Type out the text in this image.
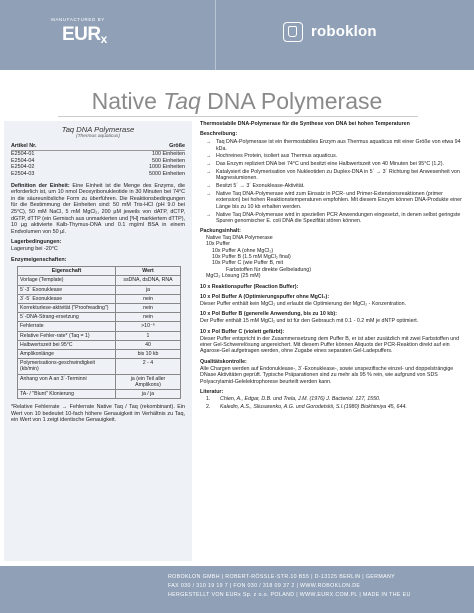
MANUFACTURED BY
EURx	roboklon
Native Taq DNA Polymerase
Taq DNA Polymerase
(Thermus aquaticus)
Artikel Nr.	Größe
E2504-01	100 Einheiten
E2504-04	500 Einheiten
E2504-02	1000 Einheiten
E2504-03	5000 Einheiten
Definition der Einheit: Eine Einheit ist die Menge des Enzyms, die erforderlich ist, um 10 nmol Deoxyribonukleotide in 30 Minuten bei 74°C in die säureunlösliche Form zu überführen. Die Reaktionsbedingungen für die Bestimmung der Einheiten sind: 50 mM Tris-HCl (pH 9.0 bei 25°C), 50 mM NaCl, 5 mM MgCl₂, 200 µM jeweils von dATP, dCTP, dGTP, dTTP (ein Gemisch aus unmarkierten und [³H] markiertem dTTP), 10 µg aktivierte Kalb-Thymus-DNA und 0.1 mg/ml BSA in einem Endvolumen von 50 µl.
Lagerbedingungen:
Lagerung bei -20°C
Enzymeigenschaften:
Eigenschaft	Wert
Vorlage (Template)	ssDNA, dsDNA, RNA
5´-3´ Exonuklease	ja
3´-5´ Exonuklease	nein
Korrekturlese-aktivität ("Proofreading")	nein
5´-DNA-Strang-ersetzung	nein
Fehlerrate	>10⁻⁶
Relative Fehler-rate* (Taq = 1)	1
Halbwertszeit bei 95°C	40
Amplikonlänge	bis 10 kb
Polymerisations-geschwindigkeit (kb/min)	2 - 4
Anhang von A an 3´-Terminni	ja (ein Teil aller Amplikons)
TA- / "Blunt" Klonierung	ja / ja
*Relative Fehlerrate → Fehlerrate Native Taq / Taq (rekombinant). Ein Wert von 10 bedeutet 10-fach höhere Genauigkeit im Verhältnis zu Taq, ein Wert von 1 zeigt identische Genauigkeit.
Thermostabile DNA-Polymerase für die Synthese von DNA bei hohen Temperaturen
Beschreibung:
→ Taq DNA-Polymerase ist ein thermostabiles Enzym aus Thermus aquaticus mit einer Größe von etwa 94 kDa.
→ Hochreines Protein, isoliert aus Thermus aquaticus.
→ Das Enzym repliziert DNA bei 74°C und besitzt eine Halbwertszeit von 40 Minuten bei 95°C (1,2).
→ Katalysiert die Polymerisation von Nukleotiden zu Duplex-DNA in 5´ → 3´ Richtung bei Anwesenheit von Magnesiumionen.
→ Besitzt 5´ → 3´ Exonuklease-Aktivität.
→ Native Taq DNA-Polymerase wird zum Einsatz in PCR- und Primer-Extensionsreaktionen (primer extension) bei hohen Reaktionstemperaturen empfohlen. Mit diesem Enzym können DNA-Produkte einer Länge bis zu 10 kb erhalten werden.
→ Native Taq DNA-Polymerase wird in speziellen PCR Anwendungen eingesetzt, in denen selbst geringste Spuren genomischer E. coli DNA die Spezifität stören können.
Packungsinhalt:
Native Taq DNA Polymerase
10x Puffer
10x Puffer A (ohne MgCl₂)
10x Puffer B (1.5 mM MgCl₂ final)
10x Puffer C (wie Puffer B, mit
Farbstoffen für direkte Gelbeladung)
MgCl₂ Lösung (25 mM)
10 x Reaktionspuffer (Reaction Buffer):
10 x Pol Buffer A (Optimierungspuffer ohne MgCl₂):
Dieser Puffer enthält kein MgCl₂ und erlaubt die Optimierung der MgCl₂ - Konzentration.
10 x Pol Buffer B (generelle Anwendung, bis zu 10 kb):
Der Puffer enthält 15 mM MgCl₂ und ist für den Gebrauch mit 0.1 - 0.2 mM je dNTP optimiert.
10 x Pol Buffer C (violett gefärbt):
Dieser Puffer entspricht in der Zusammensetzung dem Puffer B, er ist aber zusätzlich mit zwei Farbstoffen und einer Gel-Schwerelösung angereichert. Mit diesem Puffer können Aliquots der PCR-Reaktion direkt auf ein Agarose-Gel aufgetragen werden, ohne Zugabe eines separaten Gel-Ladepuffers.
Qualitätskontrolle:
Alle Chargen werden auf Endonuklease-, 3´-Exonuklease-, sowie unspezifische einzel- und doppelsträngige DNase Aktivitäten geprüft. Typische Präparationen sind zu mehr als 95 % rein, wie aufgrund von SDS Polyacrylamid-Gelelektrophorese beurteilt werden kann.
Literatur:
1.	Chien, A., Edgar, D.B. und Trela, J.M. (1976) J. Bacteriol. 127, 1550.
2.	Kaledin, A.S., Sliusarenko, A.G. und Gorodetskii, S.I.(1980) Biokhimiya 45, 644.
ROBOKLON GMBH | ROBERT-RÖSSLE-STR.10 B55 | D-13125 BERLIN | GERMANY
FAX 030 / 310 19 19 7 | FON 030 / 318 09 37 2 | WWW.ROBOKLON.DE
HERGESTELLT VON EURx Sp. z o.o. POLAND | WWW.EURX.COM.PL | MADE IN THE EU
